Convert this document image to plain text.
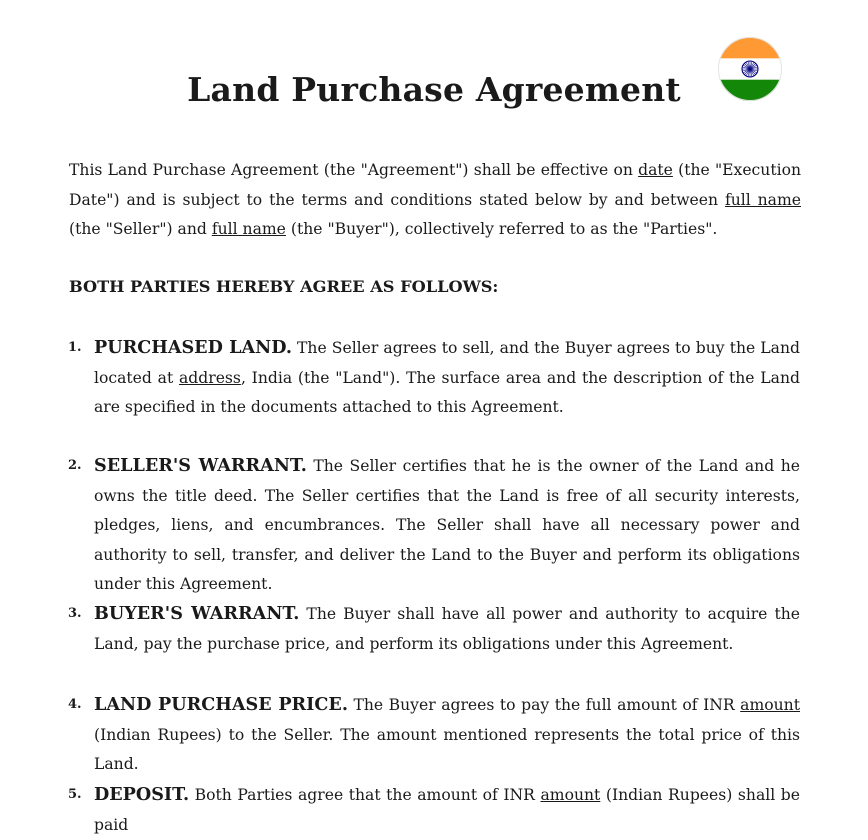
Land Purchase Agreement
This Land Purchase Agreement (the "Agreement") shall be effective on date (the "Execution Date") and is subject to the terms and conditions stated below by and between full name (the "Seller") and full name (the "Buyer"), collectively referred to as the "Parties".
BOTH PARTIES HEREBY AGREE AS FOLLOWS:
1. PURCHASED LAND. The Seller agrees to sell, and the Buyer agrees to buy the Land located at address, India (the "Land"). The surface area and the description of the Land are specified in the documents attached to this Agreement.
2. SELLER'S WARRANT. The Seller certifies that he is the owner of the Land and he owns the title deed. The Seller certifies that the Land is free of all security interests, pledges, liens, and encumbrances. The Seller shall have all necessary power and authority to sell, transfer, and deliver the Land to the Buyer and perform its obligations under this Agreement.
3. BUYER'S WARRANT. The Buyer shall have all power and authority to acquire the Land, pay the purchase price, and perform its obligations under this Agreement.
4. LAND PURCHASE PRICE. The Buyer agrees to pay the full amount of INR amount (Indian Rupees) to the Seller. The amount mentioned represents the total price of this Land.
5. DEPOSIT. Both Parties agree that the amount of INR amount (Indian Rupees) shall be paid
